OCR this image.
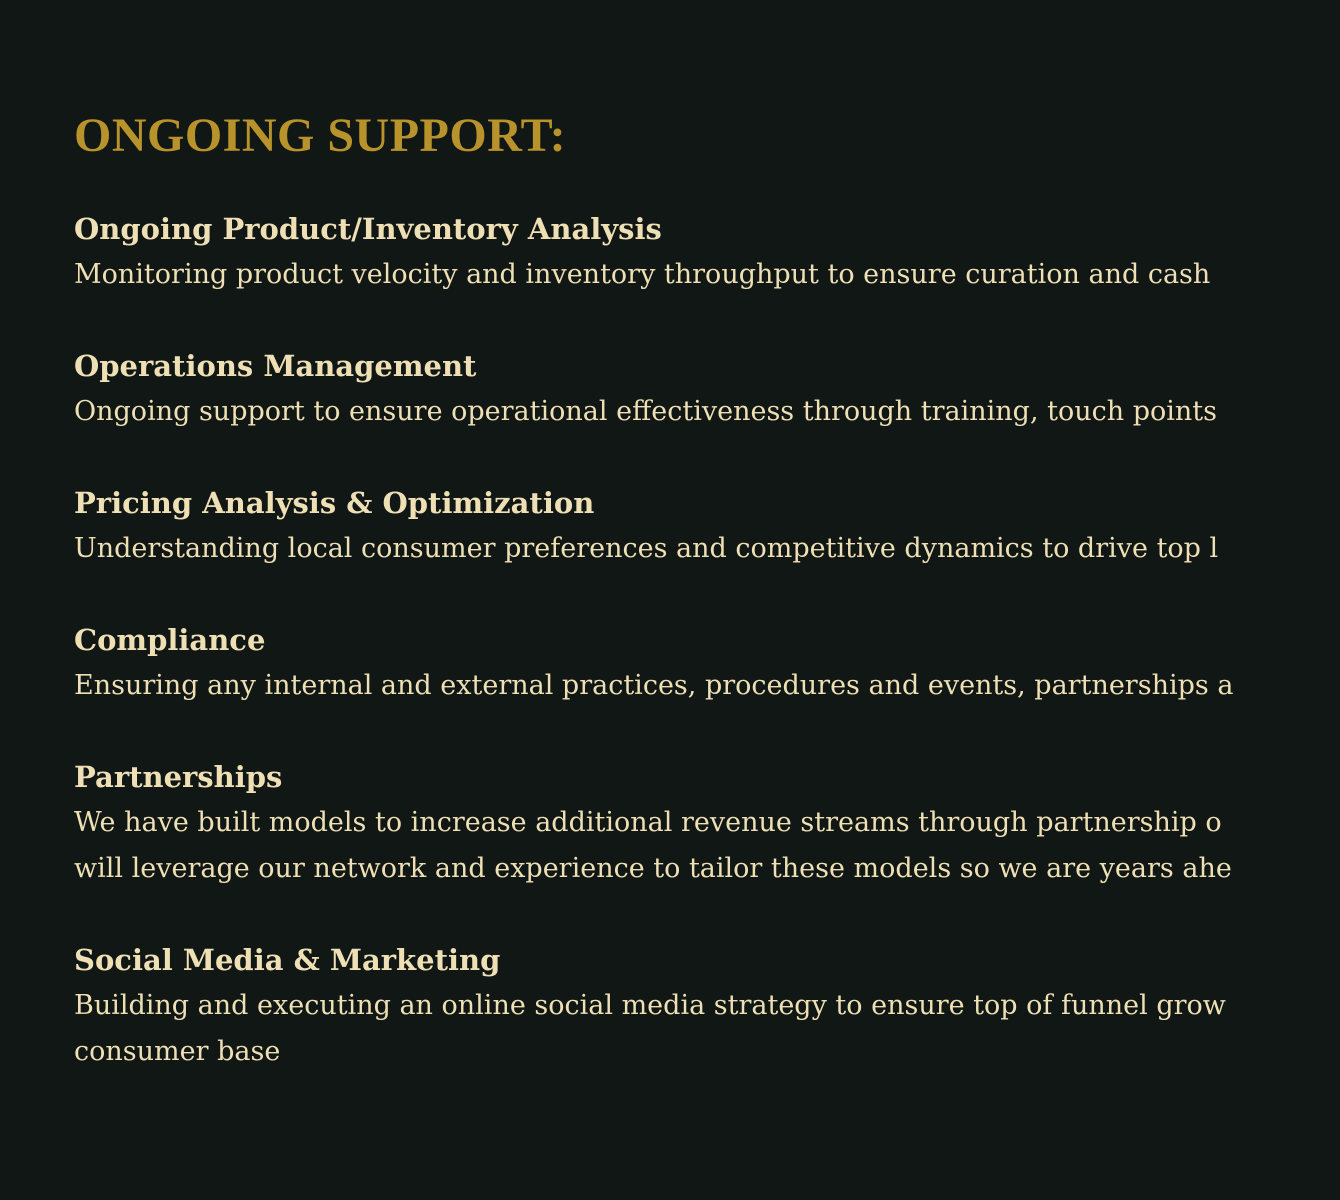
ONGOING SUPPORT:
Ongoing Product/Inventory Analysis
Monitoring product velocity and inventory throughput to ensure curation and cash
Operations Management
Ongoing support to ensure operational effectiveness through training, touch points
Pricing Analysis & Optimization
Understanding local consumer preferences and competitive dynamics to drive top l
Compliance
Ensuring any internal and external practices, procedures and events, partnerships a
Partnerships
We have built models to increase additional revenue streams through partnership o
will leverage our network and experience to tailor these models so we are years ahe
Social Media & Marketing
Building and executing an online social media strategy to ensure top of funnel grow
consumer base
